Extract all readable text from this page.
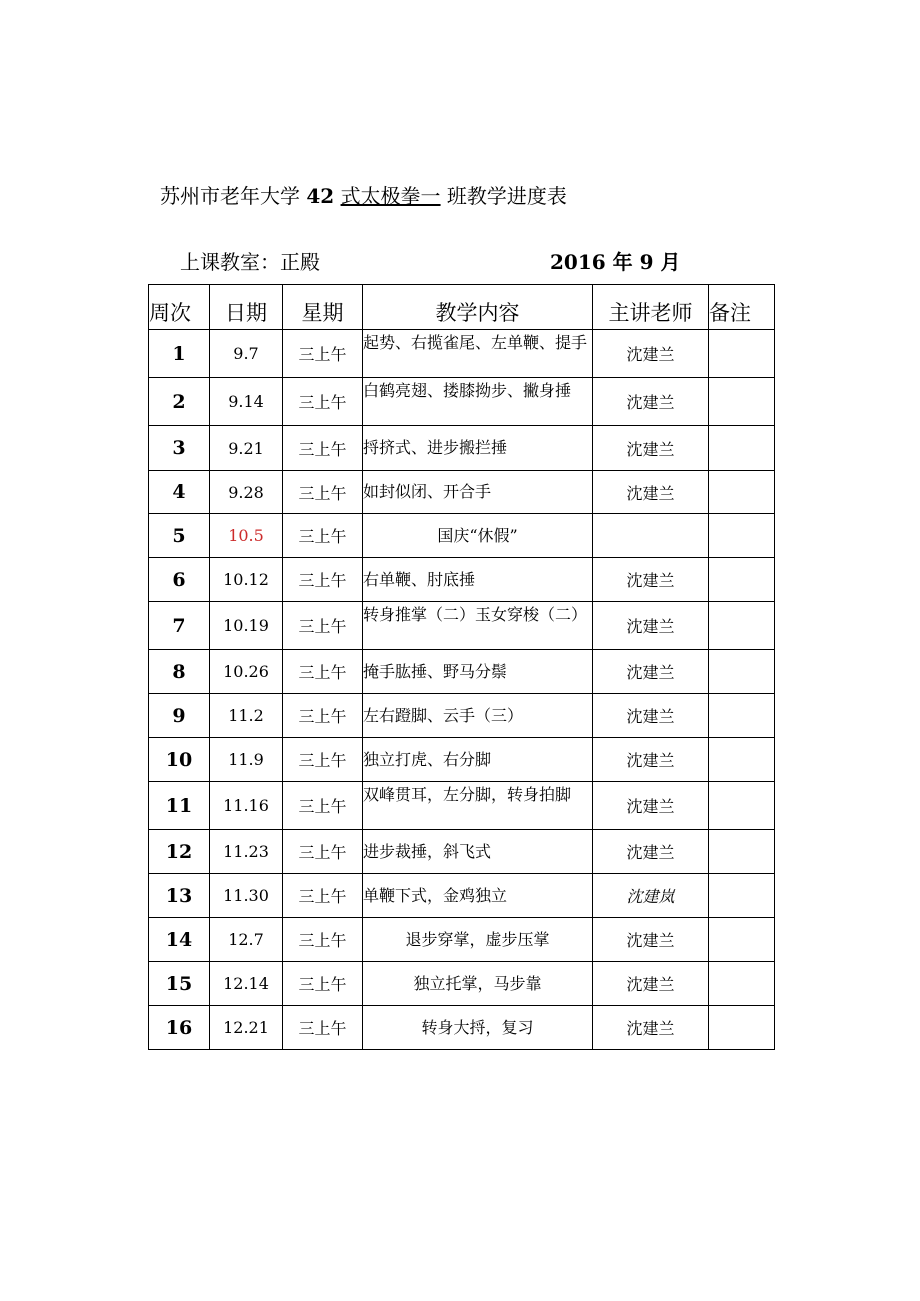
苏州市老年大学 42 式太极拳一 班教学进度表
上课教室：正殿	2016 年 9 月
周次	日期	星期	教学内容	主讲老师	备注
1	9.7	三上午	起势、右揽雀尾、左单鞭、提手	沈建兰	
2	9.14	三上午	白鹤亮翅、搂膝拗步、撇身捶	沈建兰	
3	9.21	三上午	捋挤式、进步搬拦捶	沈建兰	
4	9.28	三上午	如封似闭、开合手	沈建兰	
5	10.5	三上午	国庆“休假”		
6	10.12	三上午	右单鞭、肘底捶	沈建兰	
7	10.19	三上午	转身推掌（二）玉女穿梭（二）	沈建兰	
8	10.26	三上午	掩手肱捶、野马分鬃	沈建兰	
9	11.2	三上午	左右蹬脚、云手（三）	沈建兰	
10	11.9	三上午	独立打虎、右分脚	沈建兰	
11	11.16	三上午	双峰贯耳，左分脚，转身拍脚	沈建兰	
12	11.23	三上午	进步裁捶，斜飞式	沈建兰	
13	11.30	三上午	单鞭下式，金鸡独立	沈建岚	
14	12.7	三上午	退步穿掌，虚步压掌	沈建兰	
15	12.14	三上午	独立托掌，马步靠	沈建兰	
16	12.21	三上午	转身大捋，复习	沈建兰	
